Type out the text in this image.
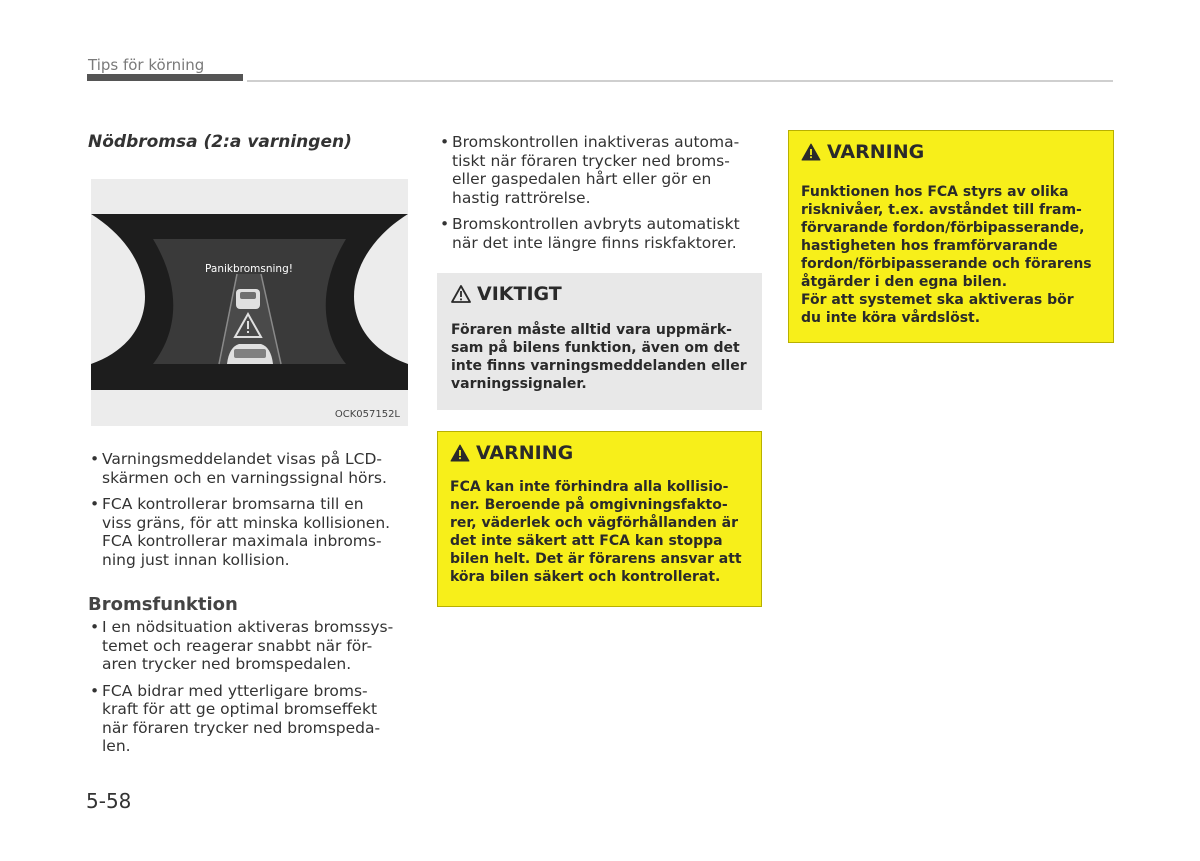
Tips för körning
Nödbromsa (2:a varningen)
Panikbromsning!
OCK057152L
• Varningsmeddelandet visas på LCD-
skärmen och en varningssignal hörs.
• FCA kontrollerar bromsarna till en
viss gräns, för att minska kollisionen.
FCA kontrollerar maximala inbroms-
ning just innan kollision.
Bromsfunktion
• I en nödsituation aktiveras bromssys-
temet och reagerar snabbt när för-
aren trycker ned bromspedalen.
• FCA bidrar med ytterligare broms-
kraft för att ge optimal bromseffekt
när föraren trycker ned bromspeda-
len.
• Bromskontrollen inaktiveras automa-
tiskt när föraren trycker ned broms-
eller gaspedalen hårt eller gör en
hastig rattrörelse.
• Bromskontrollen avbryts automatiskt
när det inte längre finns riskfaktorer.
VIKTIGT
Föraren måste alltid vara uppmärk-
sam på bilens funktion, även om det
inte finns varningsmeddelanden eller
varningssignaler.
VARNING
FCA kan inte förhindra alla kollisio-
ner. Beroende på omgivningsfakto-
rer, väderlek och vägförhållanden är
det inte säkert att FCA kan stoppa
bilen helt. Det är förarens ansvar att
köra bilen säkert och kontrollerat.
VARNING
Funktionen hos FCA styrs av olika
risknivåer, t.ex. avståndet till fram-
förvarande fordon/förbipasserande,
hastigheten hos framförvarande
fordon/förbipasserande och förarens
åtgärder i den egna bilen.
För att systemet ska aktiveras bör
du inte köra vårdslöst.
5-58
